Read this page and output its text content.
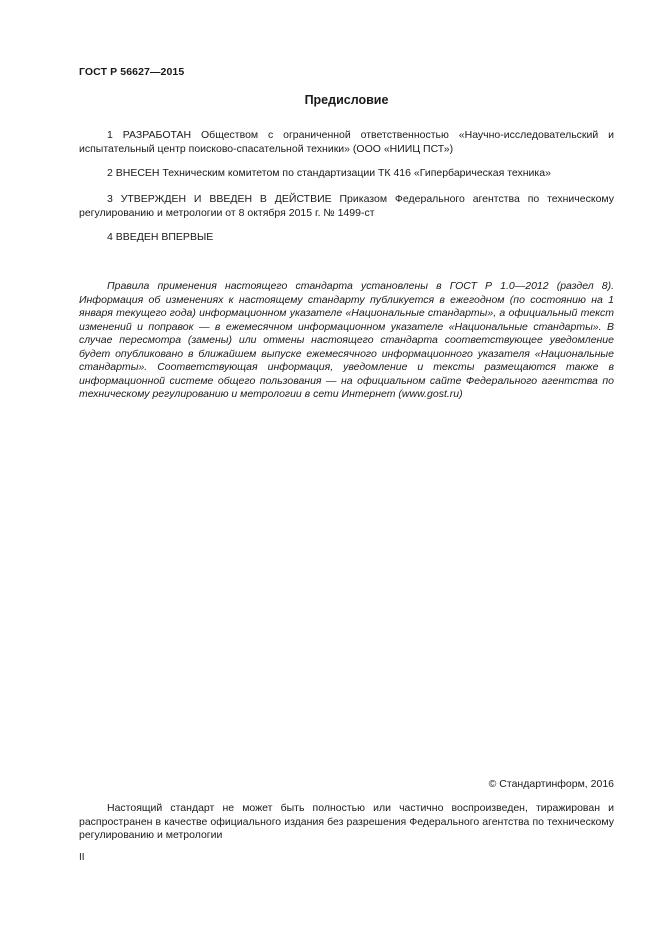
ГОСТ Р 56627—2015
Предисловие
1 РАЗРАБОТАН Обществом с ограниченной ответственностью «Научно-исследовательский и испытательный центр поисково-спасательной техники» (ООО «НИИЦ ПСТ»)
2 ВНЕСЕН Техническим комитетом по стандартизации ТК 416 «Гипербарическая техника»
3 УТВЕРЖДЕН И ВВЕДЕН В ДЕЙСТВИЕ Приказом Федерального агентства по техническому регулированию и метрологии от 8 октября 2015 г. № 1499-ст
4 ВВЕДЕН ВПЕРВЫЕ
Правила применения настоящего стандарта установлены в ГОСТ Р 1.0—2012 (раздел 8). Информация об изменениях к настоящему стандарту публикуется в ежегодном (по состоянию на 1 января текущего года) информационном указателе «Национальные стандарты», а официальный текст изменений и поправок — в ежемесячном информационном указателе «Национальные стандарты». В случае пересмотра (замены) или отмены настоящего стандарта соответствующее уведомление будет опубликовано в ближайшем выпуске ежемесячного информационного указателя «Национальные стандарты». Соответствующая информация, уведомление и тексты размещаются также в информационной системе общего пользования — на официальном сайте Федерального агентства по техническому регулированию и метрологии в сети Интернет (www.gost.ru)
© Стандартинформ, 2016
Настоящий стандарт не может быть полностью или частично воспроизведен, тиражирован и распространен в качестве официального издания без разрешения Федерального агентства по техническому регулированию и метрологии
II
